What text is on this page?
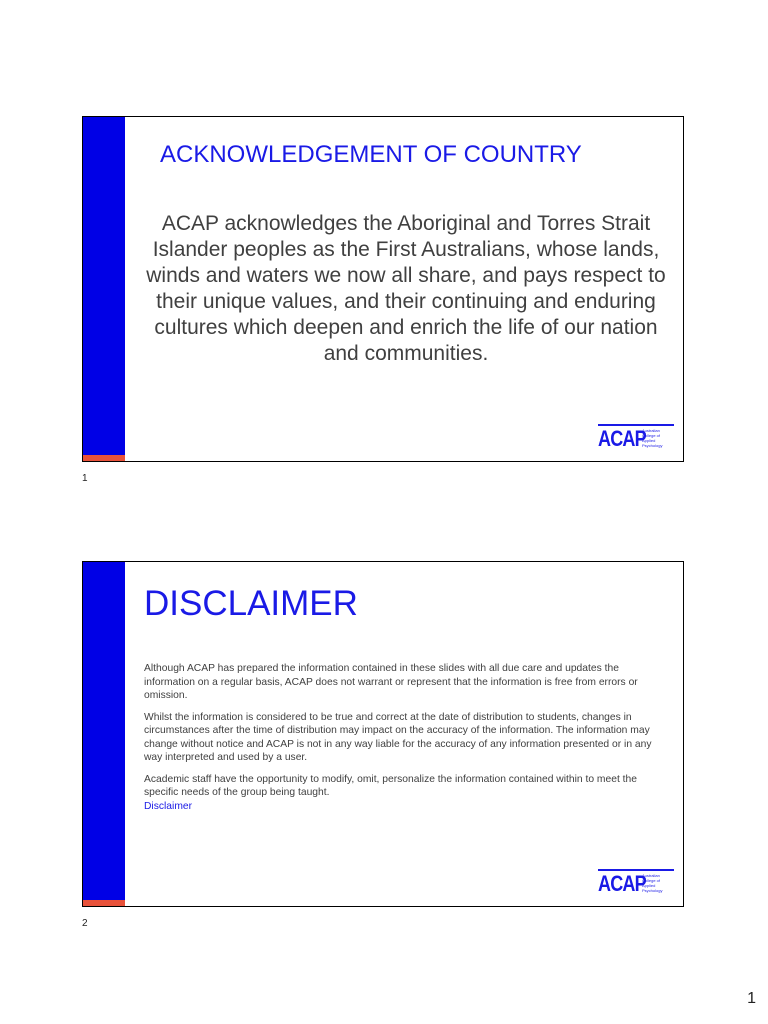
ACKNOWLEDGEMENT OF COUNTRY
ACAP acknowledges the Aboriginal and Torres Strait Islander peoples as the First Australians, whose lands, winds and waters we now all share, and pays respect to their unique values, and their continuing and enduring cultures which deepen and enrich the life of our nation and communities.
ACAP
Australian
College of
Applied
Psychology
1
DISCLAIMER

Although ACAP has prepared the information contained in these slides with all due care and updates the information on a regular basis, ACAP does not warrant or represent that the information is free from errors or omission.

Whilst the information is considered to be true and correct at the date of distribution to students, changes in circumstances after the time of distribution may impact on the accuracy of the information. The information may change without notice and ACAP is not in any way liable for the accuracy of any information presented or in any way interpreted and used by a user.

Academic staff have the opportunity to modify, omit, personalize the information contained within to meet the specific needs of the group being taught.

Disclaimer
ACAP
Australian
College of
Applied
Psychology
2
1
